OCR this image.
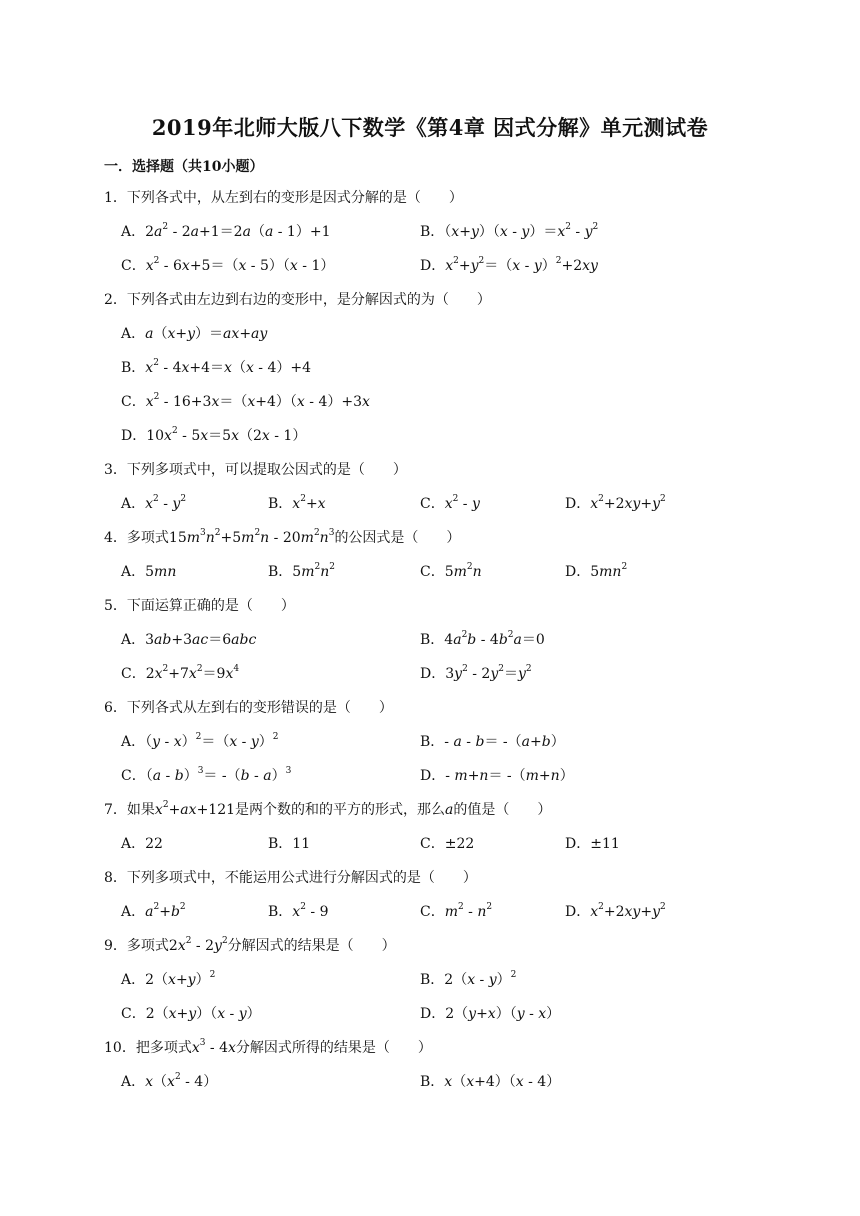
2019年北师大版八下数学《第4章 因式分解》单元测试卷
一．选择题（共10小题）
1．下列各式中，从左到右的变形是因式分解的是（　　）
A．$2a^2 - 2a+1=2a(a - 1)+1$	B．$(x+y)(x - y)=x^2 - y^2$
C．$x^2 - 6x+5=(x - 5)(x - 1)$	D．$x^2+y^2=(x - y)^2+2xy$
2．下列各式由左边到右边的变形中，是分解因式的为（　　）
A．a（x+y）＝ax+ay
B．$x^2 - 4x+4=x(x - 4)+4$
C．$x^2 - 16+3x=(x+4)(x - 4)+3x$
D．$10x^2 - 5x=5x(2x - 1)$
3．下列多项式中，可以提取公因式的是（　　）
A．$x^2 - y^2$	B．$x^2+x$	C．$x^2$ - y	D．$x^2+2xy+y^2$
4．多项式$15m^3n^2+5m^2n - 20m^2n^3$的公因式是（　　）
A．5mn	B．$5m^2n^2$	C．$5m^2n$	D．$5mn^2$
5．下面运算正确的是（　　）
A．3ab+3ac＝6abc	B．$4a^2b - 4b^2a=0$
C．$2x^2+7x^2=9x^4$	D．$3y^2 - 2y^2=y^2$
6．下列各式从左到右的变形错误的是（　　）
A．（y - x）$^2$＝（x - y）$^2$	B．- a - b＝ -（a+b）
C．（a - b）$^3$＝ -（b - a）$^3$	D．- m+n＝ -（m+n）
7．如果$x^2+ax+121$是两个数的和的平方的形式，那么a的值是（　　）
A．22	B．11	C．±22	D．±11
8．下列多项式中，不能运用公式进行分解因式的是（　　）
A．$a^2+b^2$	B．$x^2 - 9$	C．$m^2 - n^2$	D．$x^2+2xy+y^2$
9．多项式$2x^2 - 2y^2$分解因式的结果是（　　）
A．$2(x+y)^2$	B．2（x - y）$^2$
C．2（x+y）（x - y）	D．2（y+x）（y - x）
10．把多项式$x^3 - 4x$分解因式所得的结果是（　　）
A．$x(x^2 - 4)$	B．x（x+4）（x - 4）
